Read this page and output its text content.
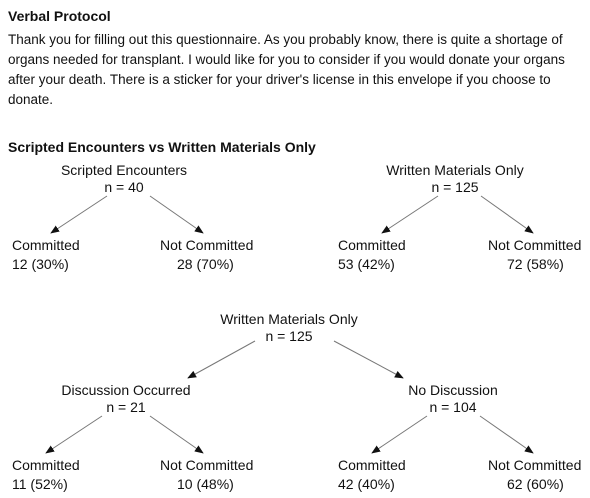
Verbal Protocol
Thank you for filling out this questionnaire. As you probably know, there is quite a shortage of organs needed for transplant. I would like for you to consider if you would donate your organs after your death. There is a sticker for your driver's license in this envelope if you choose to donate.
Scripted Encounters vs Written Materials Only
Scripted Encounters
n = 40
Committed
12 (30%)
Not Committed
28 (70%)
Written Materials Only
n = 125
Committed
53 (42%)
Not Committed
72 (58%)
Written Materials Only
n = 125
Discussion Occurred
n = 21
No Discussion
n = 104
Committed
11 (52%)
Not Committed
10 (48%)
Committed
42 (40%)
Not Committed
62 (60%)
